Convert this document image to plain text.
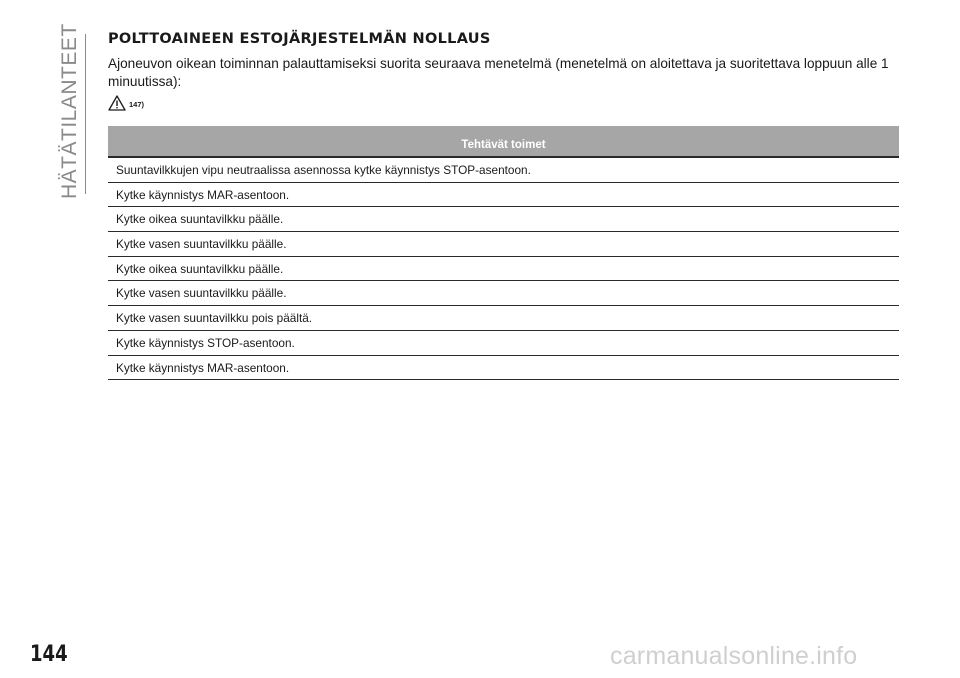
HÄTÄTILANTEET POLTTOAINEEN ESTOJÄRJESTELMÄN NOLLAUS
Ajoneuvon oikean toiminnan palauttamiseksi suorita seuraava menetelmä (menetelmä on aloitettava ja suoritettava loppuun alle 1 minuutissa):
147)
Tehtävät toimet
Suuntavilkkujen vipu neutraalissa asennossa kytke käynnistys STOP-asentoon.
Kytke käynnistys MAR-asentoon.
Kytke oikea suuntavilkku päälle.
Kytke vasen suuntavilkku päälle.
Kytke oikea suuntavilkku päälle.
Kytke vasen suuntavilkku päälle.
Kytke vasen suuntavilkku pois päältä.
Kytke käynnistys STOP-asentoon.
Kytke käynnistys MAR-asentoon.
144	carmanualsonline.info
